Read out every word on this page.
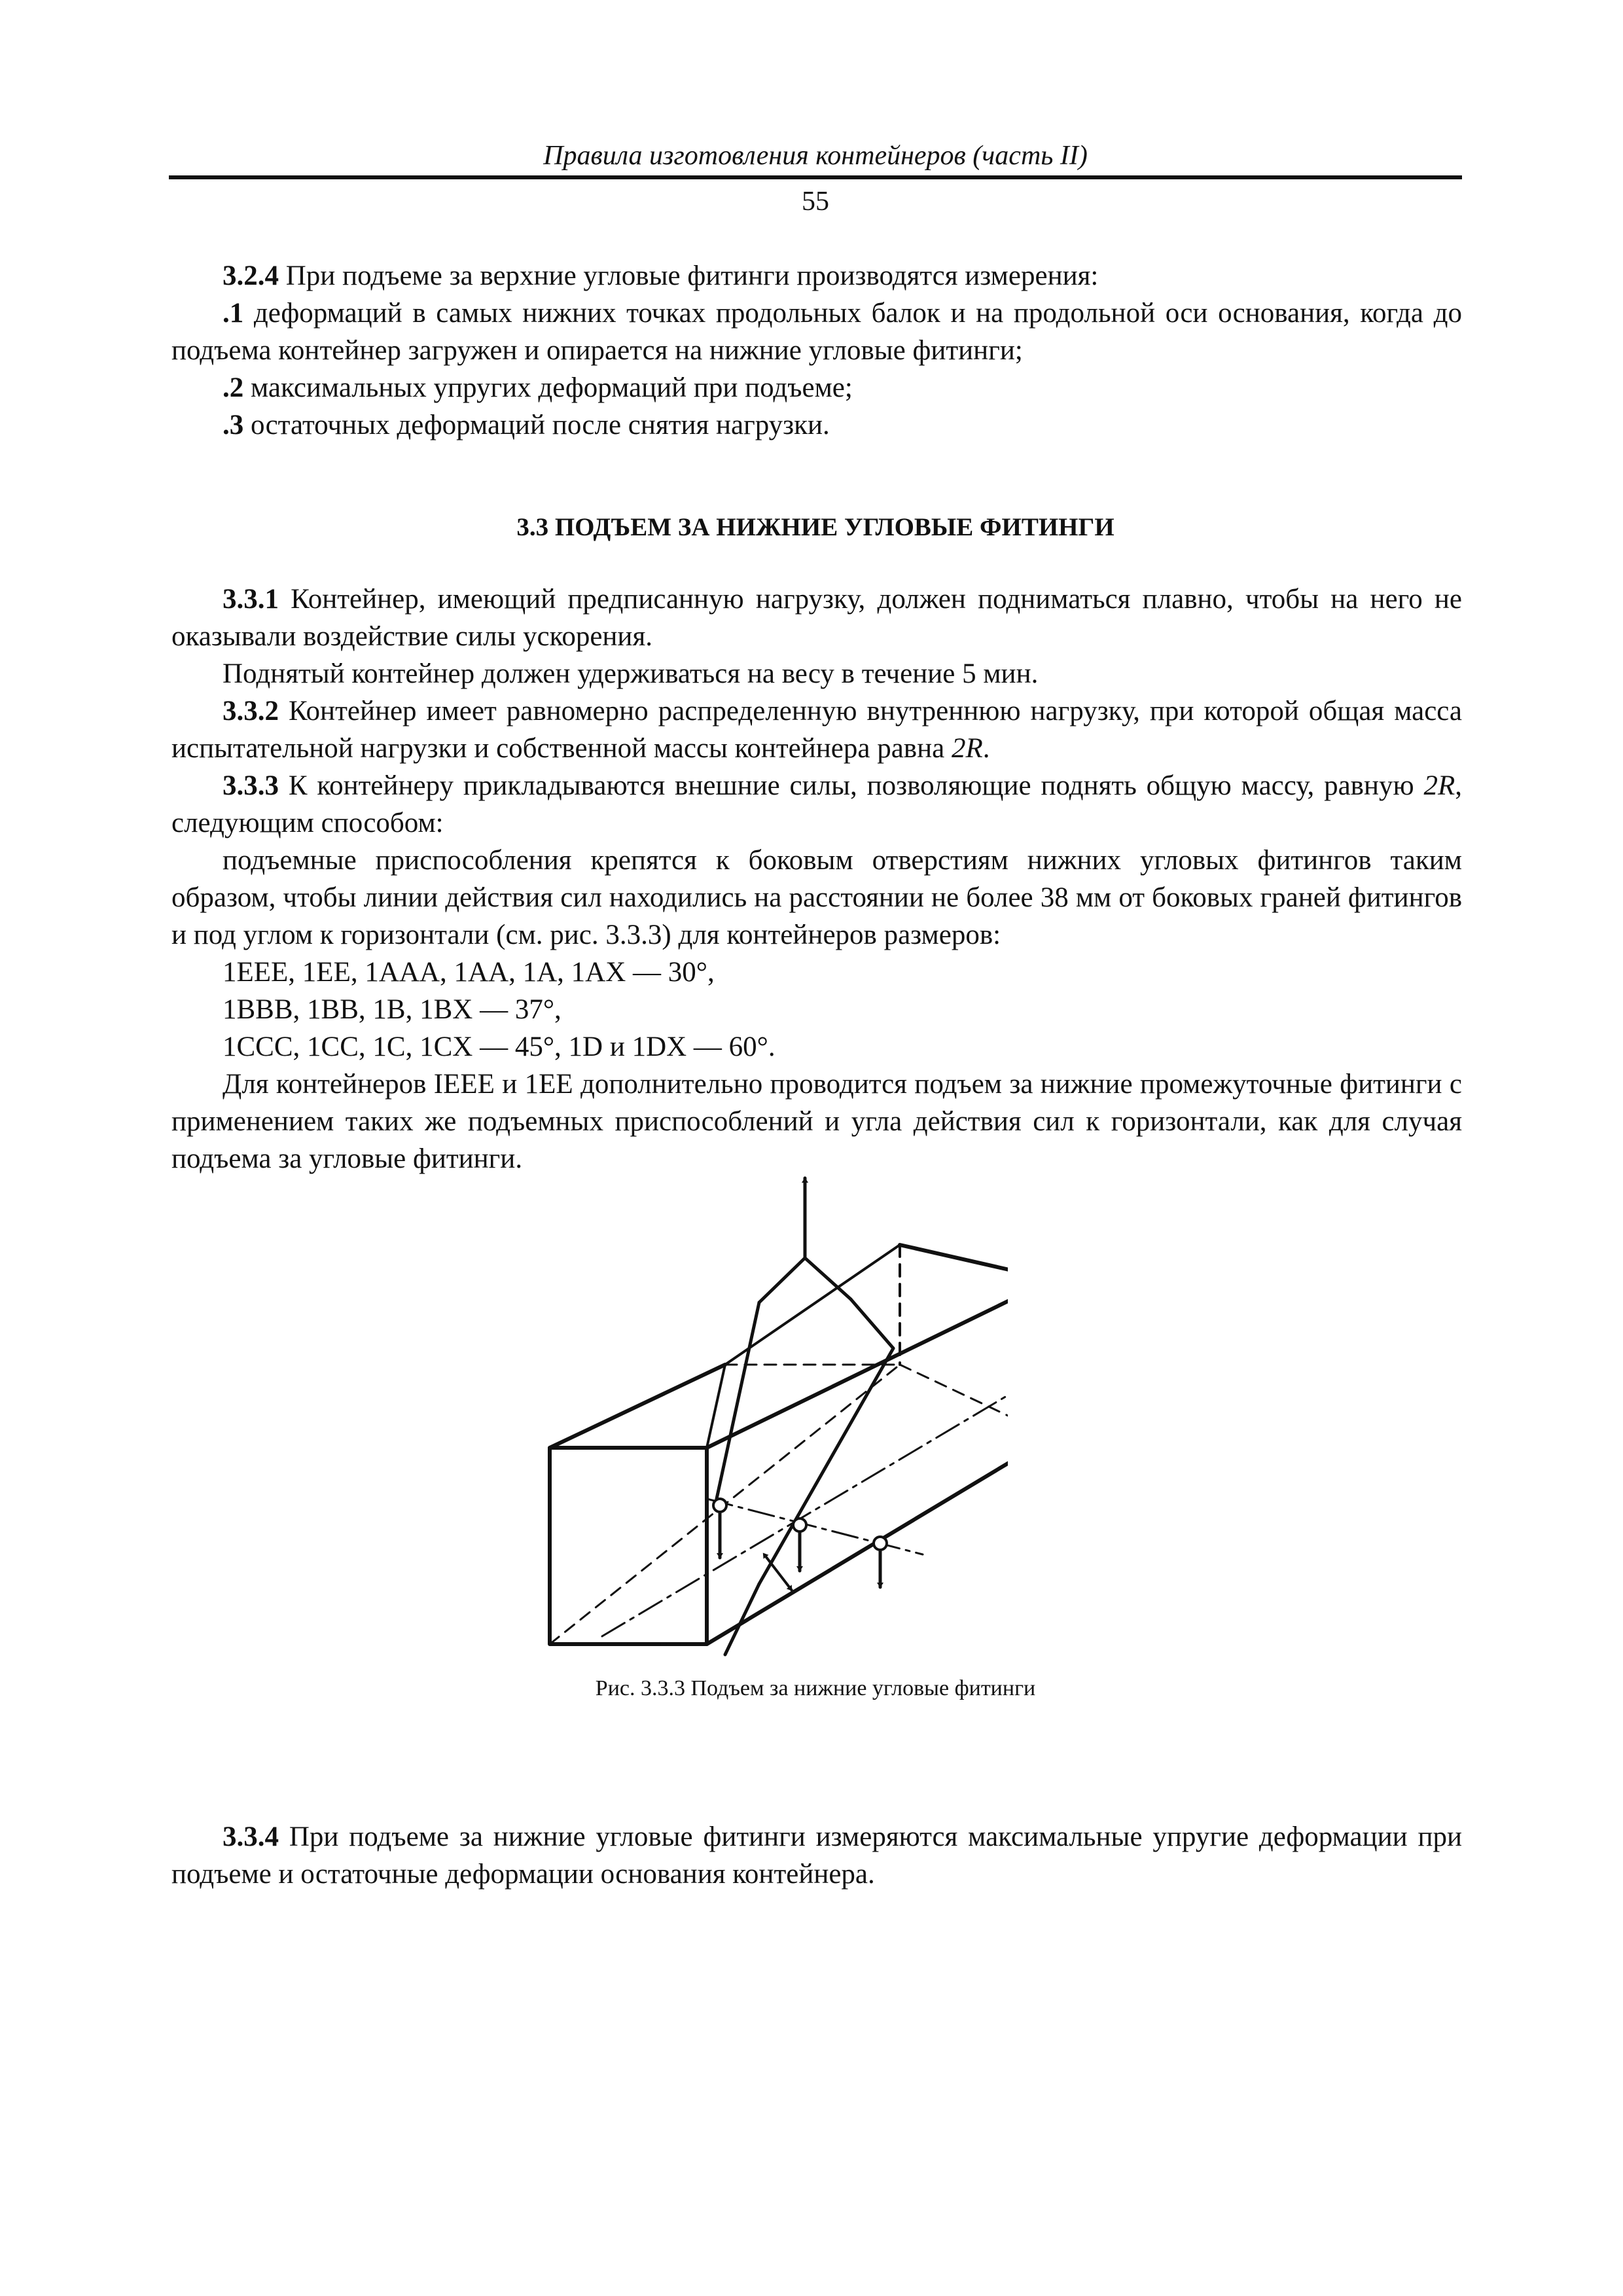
Правила изготовления контейнеров (часть II)
55

3.2.4 При подъеме за верхние угловые фитинги производятся измерения:

.1 деформаций в самых нижних точках продольных балок и на продольной оси основания, когда до подъема контейнер загружен и опирается на нижние угловые фитинги;

.2 максимальных упругих деформаций при подъеме;

.3 остаточных деформаций после снятия нагрузки.

3.3 ПОДЪЕМ ЗА НИЖНИЕ УГЛОВЫЕ ФИТИНГИ

3.3.1 Контейнер, имеющий предписанную нагрузку, должен подниматься плавно, чтобы на него не оказывали воздействие силы ускорения.

Поднятый контейнер должен удерживаться на весу в течение 5 мин.

3.3.2 Контейнер имеет равномерно распределенную внутреннюю нагрузку, при которой общая масса испытательной нагрузки и собственной массы контейнера равна 2R.

3.3.3 К контейнеру прикладываются внешние силы, позволяющие поднять общую массу, равную 2R, следующим способом:

подъемные приспособления крепятся к боковым отверстиям нижних угловых фитингов таким образом, чтобы линии действия сил находились на расстоянии не более 38 мм от боковых граней фитингов и под углом к горизонтали (см. рис. 3.3.3) для контейнеров размеров:

1EEE, 1EE, 1AAA, 1AA, 1A, 1AX — 30°,
1BBB, 1BB, 1B, 1BX — 37°,
1CCC, 1CC, 1C, 1CX — 45°, 1D и 1DX — 60°.

Для контейнеров IEEE и 1EE дополнительно проводится подъем за нижние промежуточные фитинги с применением таких же подъемных приспособлений и угла действия сил к горизонтали, как для случая подъема за угловые фитинги.

Рис. 3.3.3 Подъем за нижние угловые фитинги

3.3.4 При подъеме за нижние угловые фитинги измеряются максимальные упругие деформации при подъеме и остаточные деформации основания контейнера.
